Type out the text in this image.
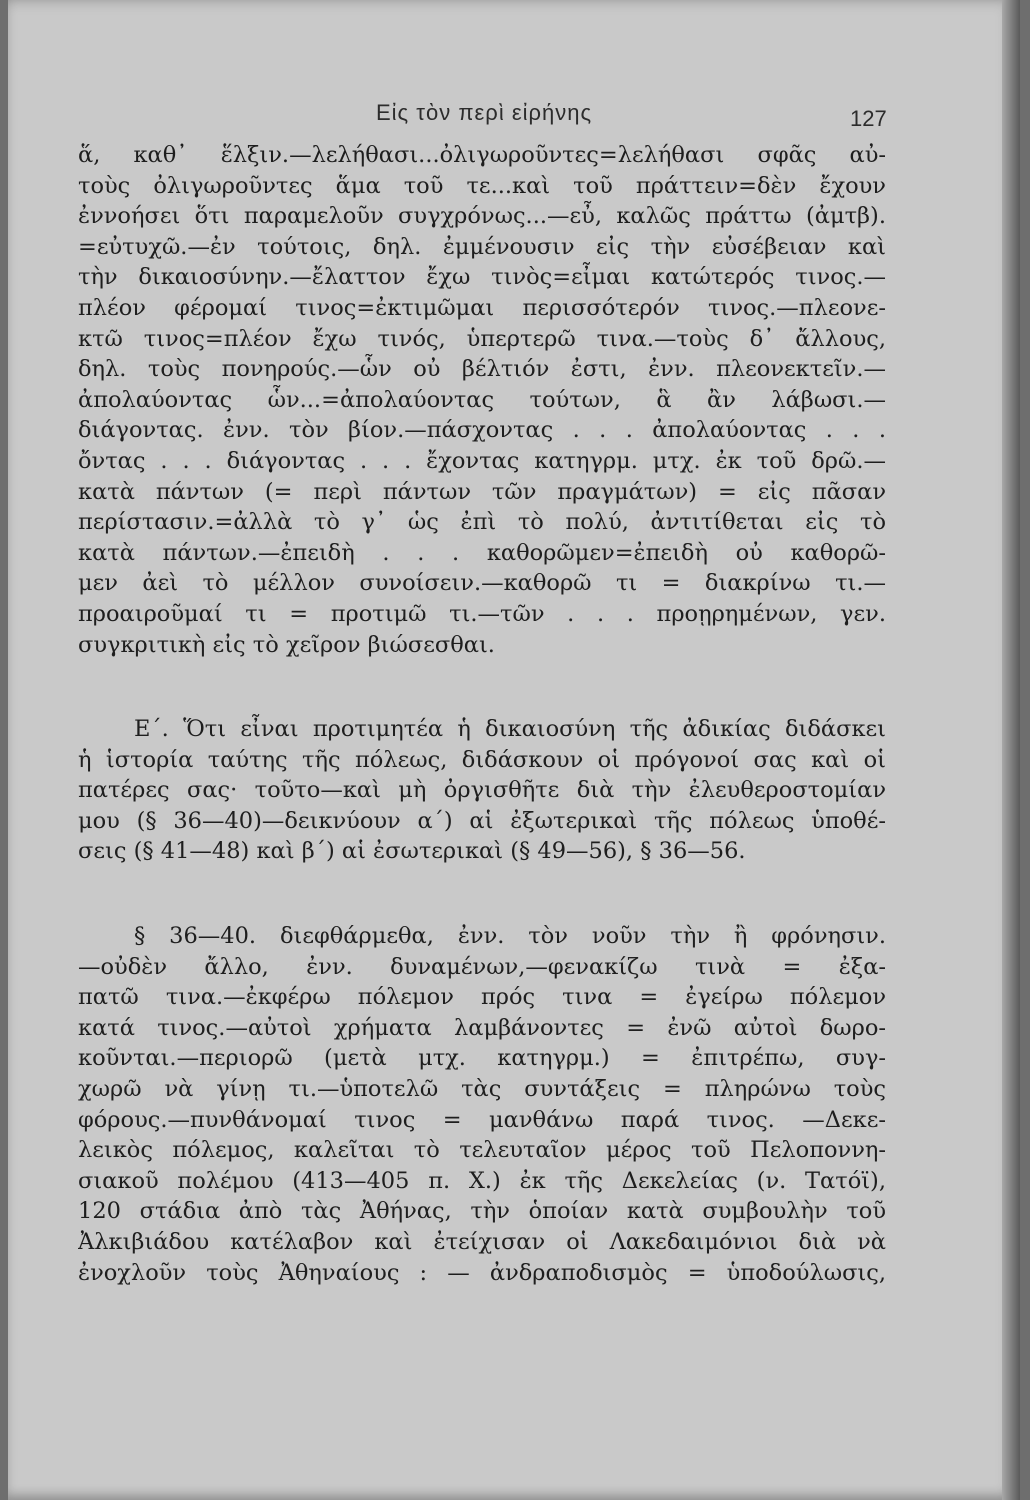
Εἰς τὸν περὶ εἰρήνης	127
ἅ, καθ᾿ ἕλξιν.—λελήθασι...ὀλιγωροῦντες=λελήθασι σφᾶς αὐ-
τοὺς ὀλιγωροῦντες ἅμα τοῦ τε...καὶ τοῦ πράττειν=δὲν ἔχουν
ἐννοήσει ὅτι παραμελοῦν συγχρόνως...—εὖ, καλῶς πράττω (ἀμτβ).
=εὐτυχῶ.—ἐν τούτοις, δηλ. ἐμμένουσιν εἰς τὴν εὐσέβειαν καὶ
τὴν δικαιοσύνην.—ἔλαττον ἔχω τινὸς=εἶμαι κατώτερός τινος.—
πλέον φέρομαί τινος=ἐκτιμῶμαι περισσότερόν τινος.—πλεονε-
κτῶ τινος=πλέον ἔχω τινός, ὑπερτερῶ τινα.—τοὺς δ᾿ ἄλλους,
δηλ. τοὺς πονηρούς.—ὧν οὐ βέλτιόν ἐστι, ἐνν. πλεονεκτεῖν.—
ἀπολαύοντας ὧν...=ἀπολαύοντας τούτων, ἃ ἂν λάβωσι.—
διάγοντας. ἐνν. τὸν βίον.—πάσχοντας . . . ἀπολαύοντας . . .
ὄντας . . . διάγοντας . . . ἔχοντας κατηγρμ. μτχ. ἐκ τοῦ δρῶ.—
κατὰ πάντων (= περὶ πάντων τῶν πραγμάτων) = εἰς πᾶσαν
περίστασιν.=ἀλλὰ τὸ γ᾿ ὡς ἐπὶ τὸ πολύ, ἀντιτίθεται εἰς τὸ
κατὰ πάντων.—ἐπειδὴ . . . καθορῶμεν=ἐπειδὴ οὐ καθορῶ-
μεν ἀεὶ τὸ μέλλον συνοίσειν.—καθορῶ τι = διακρίνω τι.—
προαιροῦμαί τι = προτιμῶ τι.—τῶν . . . προῃρημένων, γεν.
συγκριτικὴ εἰς τὸ χεῖρον βιώσεσθαι.
Ε΄. Ὅτι εἶναι προτιμητέα ἡ δικαιοσύνη τῆς ἀδικίας διδάσκει
ἡ ἱστορία ταύτης τῆς πόλεως, διδάσκουν οἱ πρόγονοί σας καὶ οἱ
πατέρες σας· τοῦτο—καὶ μὴ ὀργισθῆτε διὰ τὴν ἐλευθεροστομίαν
μου (§ 36—40)—δεικνύουν α΄) αἱ ἐξωτερικαὶ τῆς πόλεως ὑποθέ-
σεις (§ 41—48) καὶ β΄) αἱ ἐσωτερικαὶ (§ 49—56), § 36—56.
§ 36—40. διεφθάρμεθα, ἐνν. τὸν νοῦν τὴν ἢ φρόνησιν.
—οὐδὲν ἄλλο, ἐνν. δυναμένων,—φενακίζω τινὰ = ἐξα-
πατῶ τινα.—ἐκφέρω πόλεμον πρός τινα = ἐγείρω πόλεμον
κατά τινος.—αὐτοὶ χρήματα λαμβάνοντες = ἐνῶ αὐτοὶ δωρο-
κοῦνται.—περιορῶ (μετὰ μτχ. κατηγρμ.) = ἐπιτρέπω, συγ-
χωρῶ νὰ γίνῃ τι.—ὑποτελῶ τὰς συντάξεις = πληρώνω τοὺς
φόρους.—πυνθάνομαί τινος = μανθάνω παρά τινος. —Δεκε-
λεικὸς πόλεμος, καλεῖται τὸ τελευταῖον μέρος τοῦ Πελοποννη-
σιακοῦ πολέμου (413—405 π. Χ.) ἐκ τῆς Δεκελείας (ν. Τατόϊ),
120 στάδια ἀπὸ τὰς Ἀθήνας, τὴν ὁποίαν κατὰ συμβουλὴν τοῦ
Ἀλκιβιάδου κατέλαβον καὶ ἐτείχισαν οἱ Λακεδαιμόνιοι διὰ νὰ
ἐνοχλοῦν τοὺς Ἀθηναίους : — ἀνδραποδισμὸς = ὑποδούλωσις,
